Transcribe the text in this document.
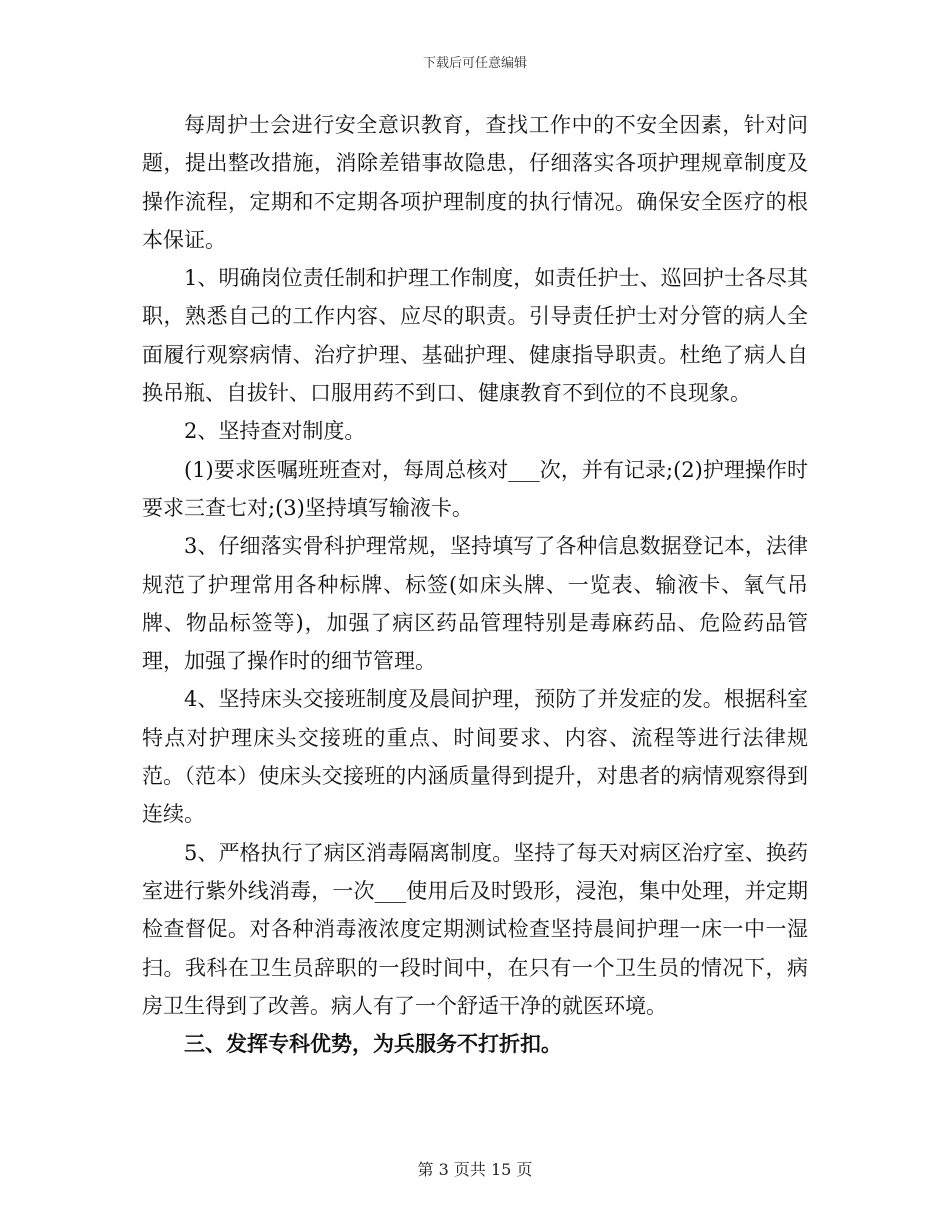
下载后可任意编辑

每周护士会进行安全意识教育，查找工作中的不安全因素，针对问题，提出整改措施，消除差错事故隐患，仔细落实各项护理规章制度及操作流程，定期和不定期各项护理制度的执行情况。确保安全医疗的根本保证。

1、明确岗位责任制和护理工作制度，如责任护士、巡回护士各尽其职，熟悉自己的工作内容、应尽的职责。引导责任护士对分管的病人全面履行观察病情、治疗护理、基础护理、健康指导职责。杜绝了病人自换吊瓶、自拔针、口服用药不到口、健康教育不到位的不良现象。

2、坚持查对制度。

(1)要求医嘱班班查对，每周总核对___次，并有记录;(2)护理操作时要求三查七对;(3)坚持填写输液卡。

3、仔细落实骨科护理常规，坚持填写了各种信息数据登记本，法律规范了护理常用各种标牌、标签(如床头牌、一览表、输液卡、氧气吊牌、物品标签等)，加强了病区药品管理特别是毒麻药品、危险药品管理，加强了操作时的细节管理。

4、坚持床头交接班制度及晨间护理，预防了并发症的发。根据科室特点对护理床头交接班的重点、时间要求、内容、流程等进行法律规范。（范本）使床头交接班的内涵质量得到提升，对患者的病情观察得到连续。

5、严格执行了病区消毒隔离制度。坚持了每天对病区治疗室、换药室进行紫外线消毒，一次___使用后及时毁形，浸泡，集中处理，并定期检查督促。对各种消毒液浓度定期测试检查坚持晨间护理一床一中一湿扫。我科在卫生员辞职的一段时间中，在只有一个卫生员的情况下，病房卫生得到了改善。病人有了一个舒适干净的就医环境。

三、发挥专科优势，为兵服务不打折扣。

第 3 页共 15 页
